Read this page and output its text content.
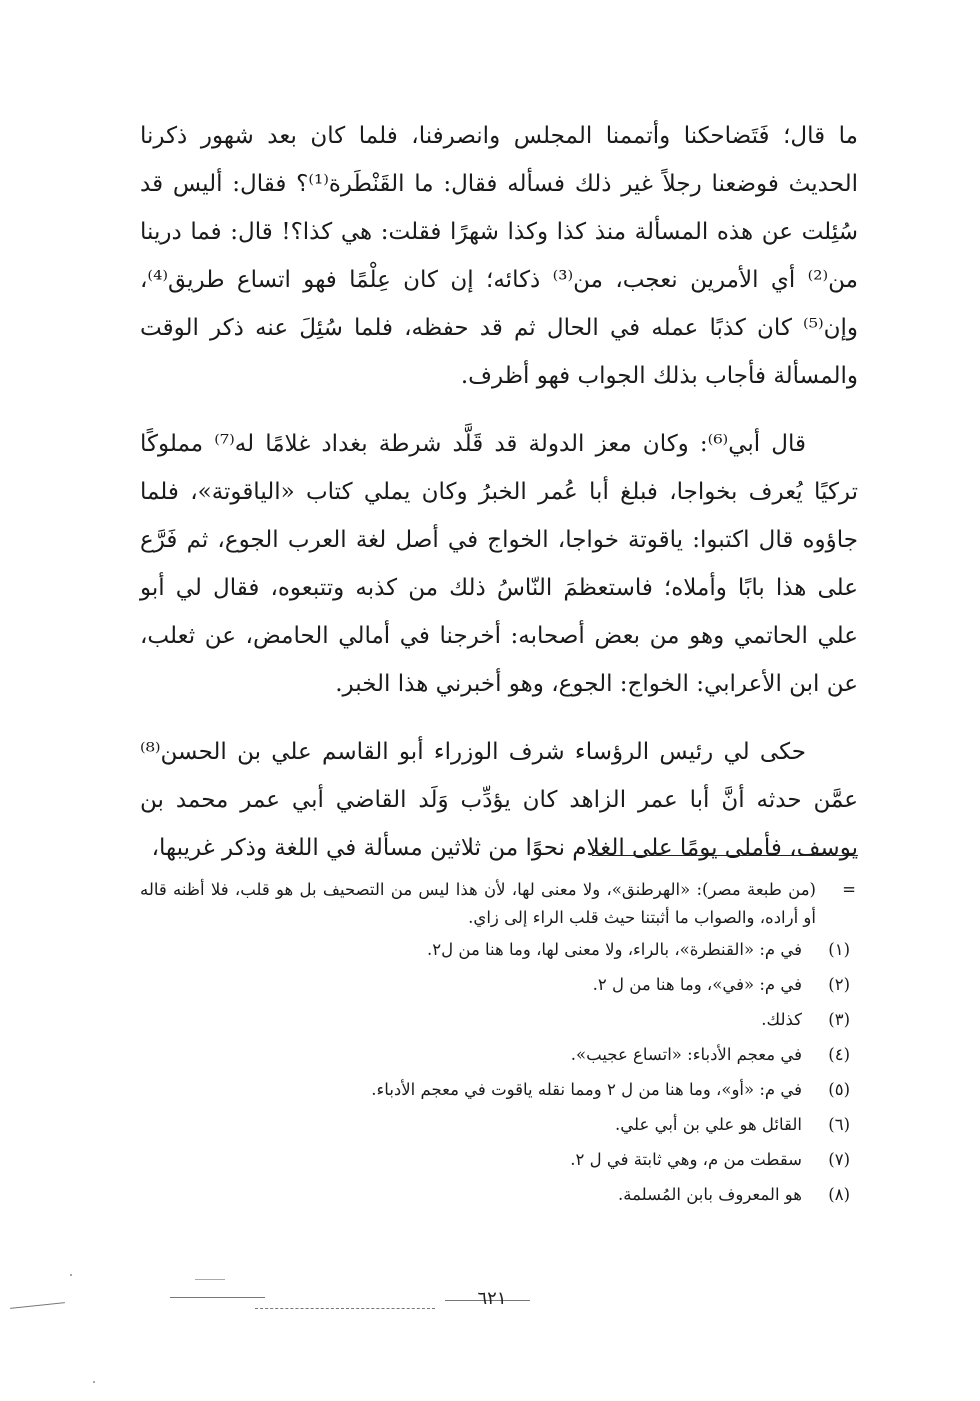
ما قال؛ فَتَضاحكنا وأتممنا المجلس وانصرفنا، فلما كان بعد شهور ذكرنا الحديث فوضعنا رجلاً غير ذلك فسأله فقال: ما القَنْطَرة⁽¹⁾؟ فقال: أليس قد سُئِلت عن هذه المسألة منذ كذا وكذا شهرًا فقلت: هي كذا؟! قال: فما درينا من⁽²⁾ أي الأمرين نعجب، من⁽³⁾ ذكائه؛ إن كان عِلْمًا فهو اتساع طريق⁽⁴⁾، وإن⁽⁵⁾ كان كذبًا عمله في الحال ثم قد حفظه، فلما سُئِلَ عنه ذكر الوقت والمسألة فأجاب بذلك الجواب فهو أظرف.

قال أبي⁽⁶⁾: وكان معز الدولة قد قَلَّد شرطة بغداد غلامًا له⁽⁷⁾ مملوكًا تركيًا يُعرف بخواجا، فبلغ أبا عُمر الخبرُ وكان يملي كتاب «الياقوتة»، فلما جاؤوه قال اكتبوا: ياقوتة خواجا، الخواج في أصل لغة العرب الجوع، ثم فَرَّع على هذا بابًا وأملاه؛ فاستعظمَ النّاسُ ذلك من كذبه وتتبعوه، فقال لي أبو علي الحاتمي وهو من بعض أصحابه: أخرجنا في أمالي الحامض، عن ثعلب، عن ابن الأعرابي: الخواج: الجوع، وهو أخبرني هذا الخبر.

حكى لي رئيس الرؤساء شرف الوزراء أبو القاسم علي بن الحسن⁽⁸⁾ عمَّن حدثه أنَّ أبا عمر الزاهد كان يؤدِّب وَلَد القاضي أبي عمر محمد بن يوسف، فأملى يومًا على الغلام نحوًا من ثلاثين مسألة في اللغة وذكر غريبها،

=
(من طبعة مصر): «الهرطنق»، ولا معنى لها، لأن هذا ليس من التصحيف بل هو قلب، فلا أظنه قاله أو أراده، والصواب ما أثبتنا حيث قلب الراء إلى زاي.
(١)
في م: «القنطرة»، بالراء، ولا معنى لها، وما هنا من ل٢.
(٢)
في م: «في»، وما هنا من ل ٢.
(٣)
كذلك.
(٤)
في معجم الأدباء: «اتساع عجيب».
(٥)
في م: «أو»، وما هنا من ل ٢ ومما نقله ياقوت في معجم الأدباء.
(٦)
القائل هو علي بن أبي علي.
(٧)
سقطت من م، وهي ثابتة في ل ٢.
(٨)
هو المعروف بابن المُسلمة.
٦٢١
